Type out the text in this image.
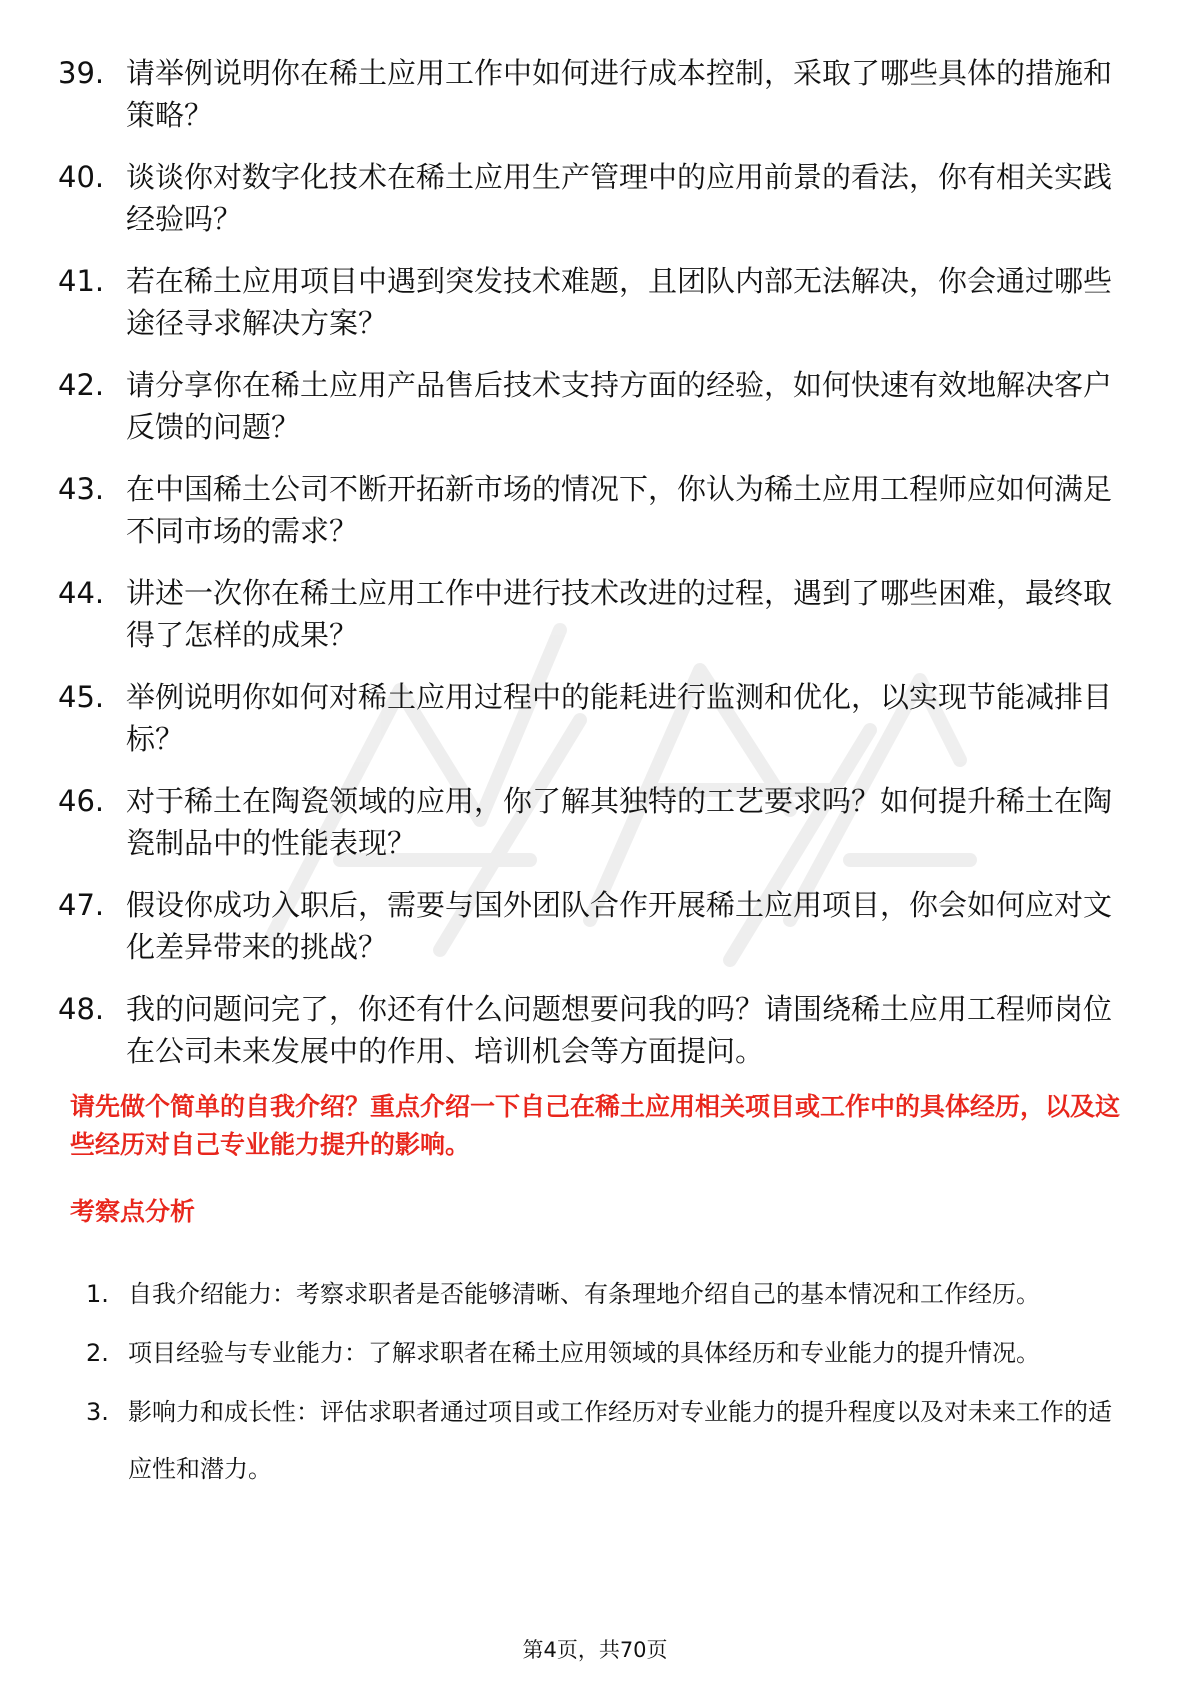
39. 请举例说明你在稀土应用工作中如何进行成本控制，采取了哪些具体的措施和策略？
40. 谈谈你对数字化技术在稀土应用生产管理中的应用前景的看法，你有相关实践经验吗？
41. 若在稀土应用项目中遇到突发技术难题，且团队内部无法解决，你会通过哪些途径寻求解决方案？
42. 请分享你在稀土应用产品售后技术支持方面的经验，如何快速有效地解决客户反馈的问题？
43. 在中国稀土公司不断开拓新市场的情况下，你认为稀土应用工程师应如何满足不同市场的需求？
44. 讲述一次你在稀土应用工作中进行技术改进的过程，遇到了哪些困难，最终取得了怎样的成果？
45. 举例说明你如何对稀土应用过程中的能耗进行监测和优化，以实现节能减排目标？
46. 对于稀土在陶瓷领域的应用，你了解其独特的工艺要求吗？如何提升稀土在陶瓷制品中的性能表现？
47. 假设你成功入职后，需要与国外团队合作开展稀土应用项目，你会如何应对文化差异带来的挑战？
48. 我的问题问完了，你还有什么问题想要问我的吗？请围绕稀土应用工程师岗位在公司未来发展中的作用、培训机会等方面提问。

请先做个简单的自我介绍？重点介绍一下自己在稀土应用相关项目或工作中的具体经历，以及这些经历对自己专业能力提升的影响。

考察点分析
1. 自我介绍能力：考察求职者是否能够清晰、有条理地介绍自己的基本情况和工作经历。
2. 项目经验与专业能力：了解求职者在稀土应用领域的具体经历和专业能力的提升情况。
3. 影响力和成长性：评估求职者通过项目或工作经历对专业能力的提升程度以及对未来工作的适应性和潜力。
第4页，共70页
